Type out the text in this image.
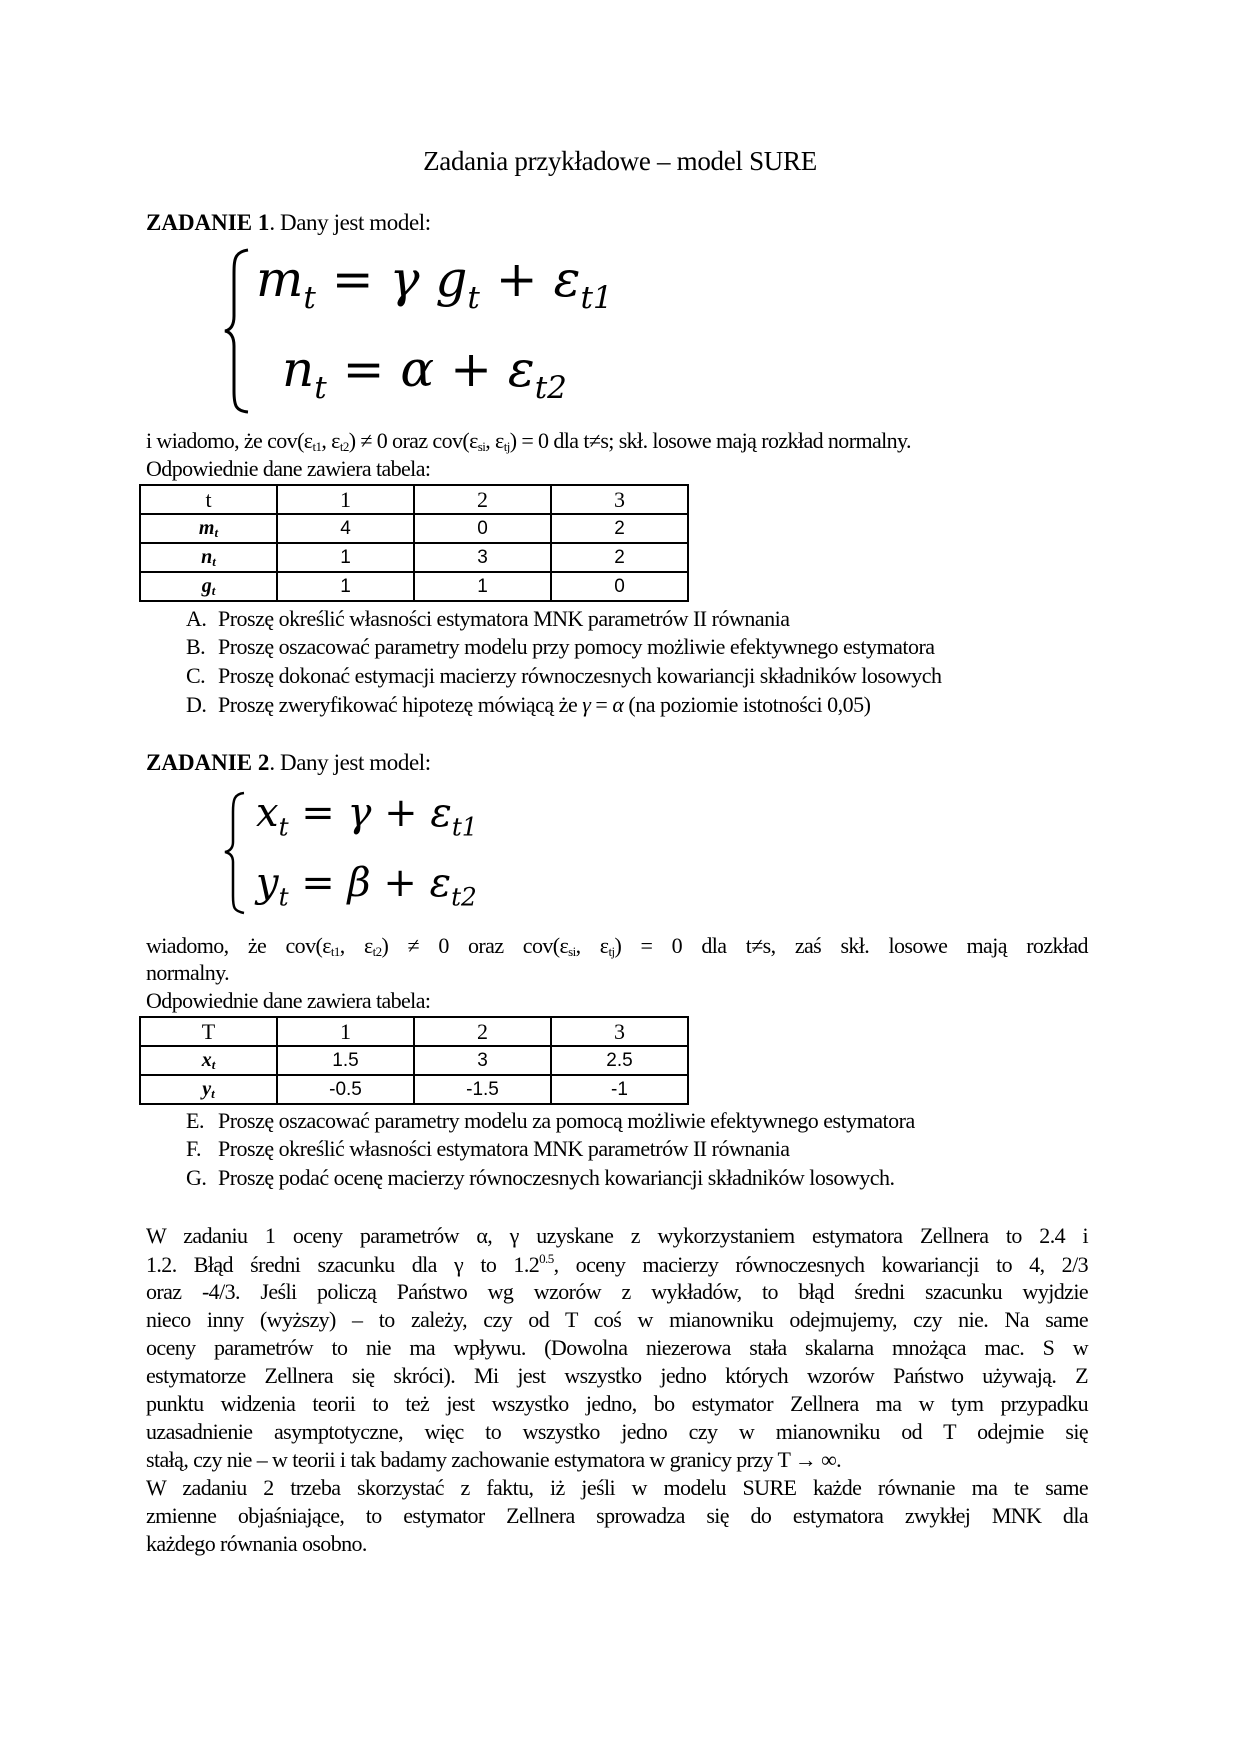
Zadania przykładowe – model SURE
ZADANIE 1. Dany jest model:
$m_t = \gamma$ $g_t + \varepsilon_{t1}$
$n_t = \alpha + \varepsilon_{t2}$
i wiadomo, że $cov(\varepsilon_{t1}$, $\varepsilon_{t2}) \ne 0$ oraz $cov(\varepsilon_{si}$, $\varepsilon_{tj}) = 0$ dla t≠s; skł. losowe mają rozkład normalny.
Odpowiednie dane zawiera tabela:
t	1	2	3
$m_t$	4	0	2
$n_t$	1	3	2
$g_t$	1	1	0
A. Proszę określić własności estymatora MNK parametrów II równania
B. Proszę oszacować parametry modelu przy pomocy możliwie efektywnego estymatora
C. Proszę dokonać estymacji macierzy równoczesnych kowariancji składników losowych
D. Proszę zweryfikować hipotezę mówiącą że γ = α (na poziomie istotności 0,05)
ZADANIE 2. Dany jest model:
$x_t = \gamma + \varepsilon_{t1}$
$y_t = \beta + \varepsilon_{t2}$
wiadomo, że $cov(\varepsilon_{t1}$, $\varepsilon_{t2}) \ne 0$ oraz $cov(\varepsilon_{si}$, $\varepsilon_{tj}) = 0$ dla t≠s, zaś skł. losowe mają rozkład
normalny.
Odpowiednie dane zawiera tabela:
T	1	2	3
$x_t$	1.5	3	2.5
$y_t$	-0.5	-1.5	-1
E. Proszę oszacować parametry modelu za pomocą możliwie efektywnego estymatora
F. Proszę określić własności estymatora MNK parametrów II równania
G. Proszę podać ocenę macierzy równoczesnych kowariancji składników losowych.
W zadaniu 1 oceny parametrów α, γ uzyskane z wykorzystaniem estymatora Zellnera to 2.4 i
1.2. Błąd średni szacunku dla γ to $1.2^{0.5}$, oceny macierzy równoczesnych kowariancji to 4, 2/3
oraz -4/3. Jeśli policzą Państwo wg wzorów z wykładów, to błąd średni szacunku wyjdzie
nieco inny (wyższy) – to zależy, czy od T coś w mianowniku odejmujemy, czy nie. Na same
oceny parametrów to nie ma wpływu. (Dowolna niezerowa stała skalarna mnożąca mac. S w
estymatorze Zellnera się skróci). Mi jest wszystko jedno których wzorów Państwo używają. Z
punktu widzenia teorii to też jest wszystko jedno, bo estymator Zellnera ma w tym przypadku
uzasadnienie asymptotyczne, więc to wszystko jedno czy w mianowniku od T odejmie się
stałą, czy nie – w teorii i tak badamy zachowanie estymatora w granicy przy T → ∞.
W zadaniu 2 trzeba skorzystać z faktu, iż jeśli w modelu SURE każde równanie ma te same
zmienne objaśniające, to estymator Zellnera sprowadza się do estymatora zwykłej MNK dla
każdego równania osobno.
